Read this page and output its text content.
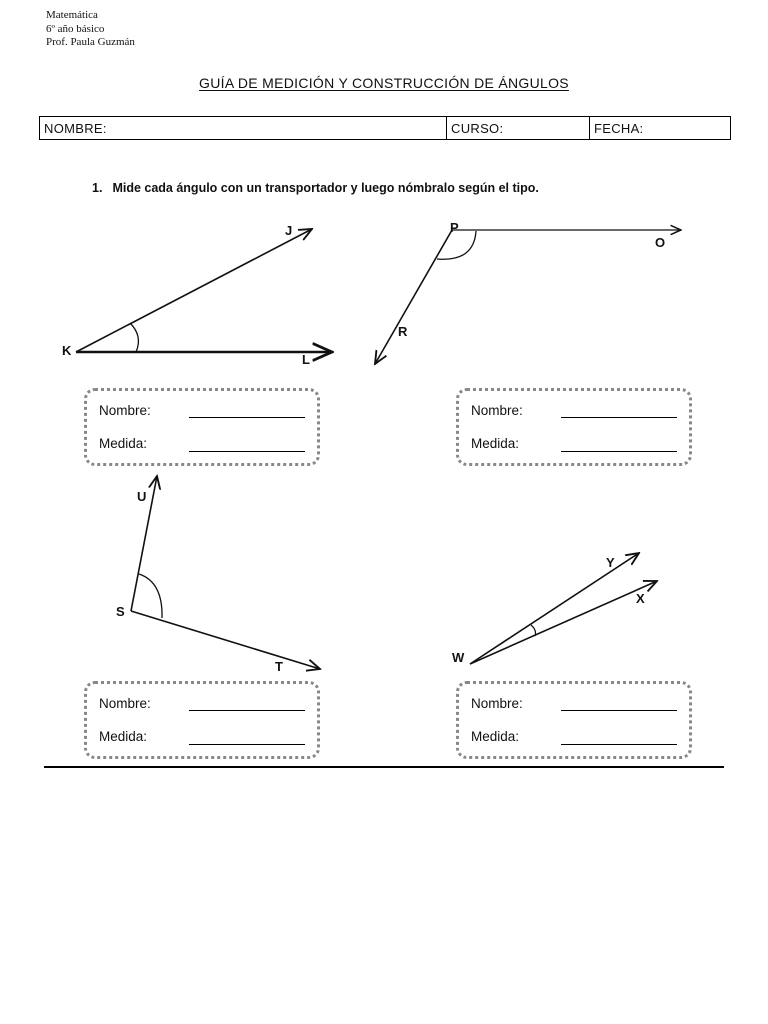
Matemática
6º año básico
Prof. Paula Guzmán
GUÍA DE MEDICIÓN Y CONSTRUCCIÓN DE ÁNGULOS
NOMBRE:	CURSO:	FECHA:
1. Mide cada ángulo con un transportador y luego nómbralo según el tipo.
K
J
L
P
O
R
S
U
T
W
Y
X
Nombre:
Medida:
Nombre:
Medida:
Nombre:
Medida:
Nombre:
Medida:
